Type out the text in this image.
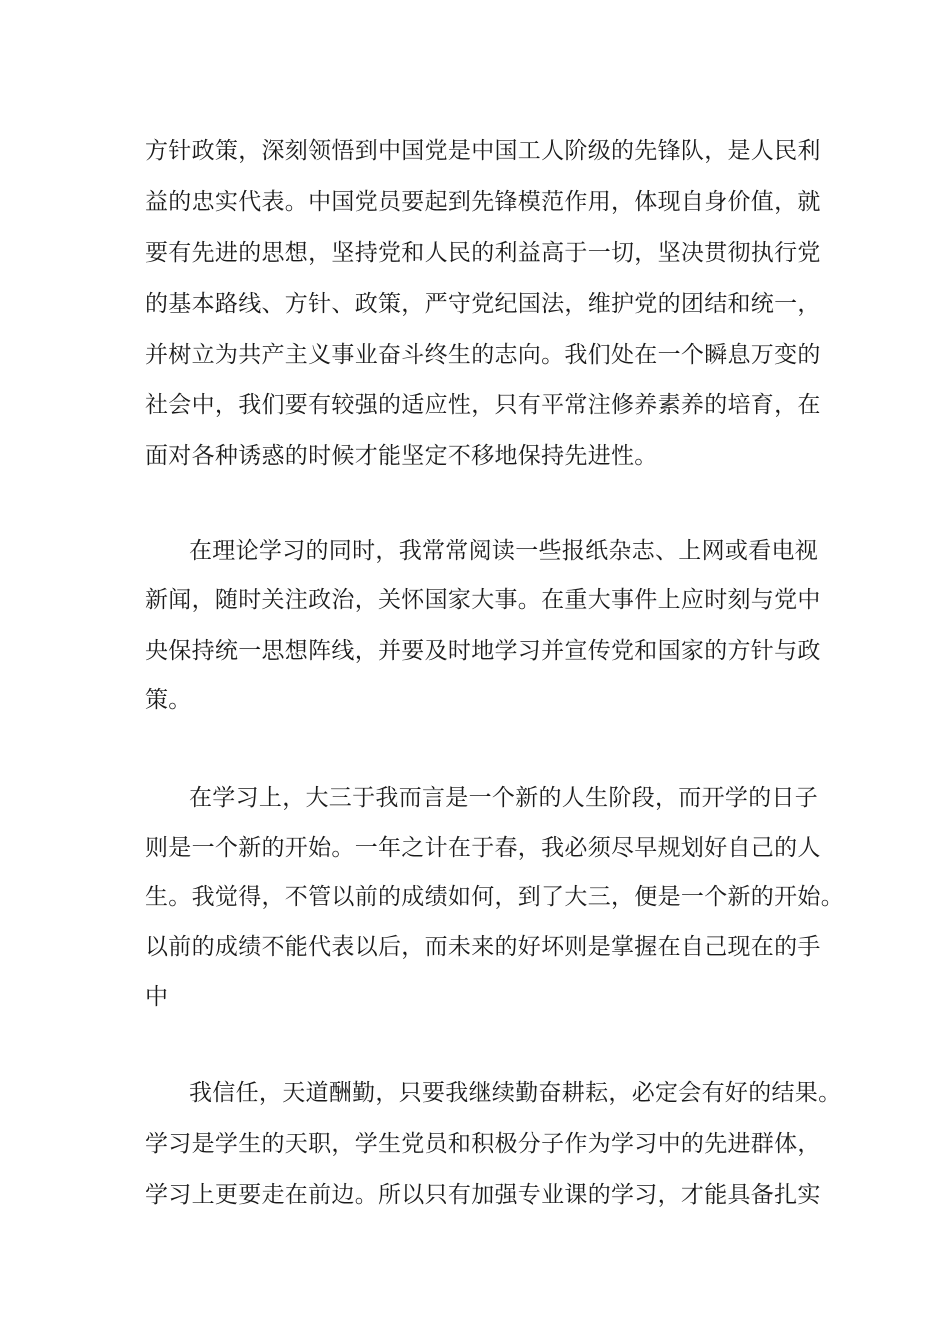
方针政策，深刻领悟到中国党是中国工人阶级的先锋队，是人民利
益的忠实代表。中国党员要起到先锋模范作用，体现自身价值，就
要有先进的思想，坚持党和人民的利益高于一切，坚决贯彻执行党
的基本路线、方针、政策，严守党纪国法，维护党的团结和统一，
并树立为共产主义事业奋斗终生的志向。我们处在一个瞬息万变的
社会中，我们要有较强的适应性，只有平常注修养素养的培育，在
面对各种诱惑的时候才能坚定不移地保持先进性。
在理论学习的同时，我常常阅读一些报纸杂志、上网或看电视
新闻，随时关注政治，关怀国家大事。在重大事件上应时刻与党中
央保持统一思想阵线，并要及时地学习并宣传党和国家的方针与政
策。
在学习上，大三于我而言是一个新的人生阶段，而开学的日子
则是一个新的开始。一年之计在于春，我必须尽早规划好自己的人
生。我觉得，不管以前的成绩如何，到了大三，便是一个新的开始。
以前的成绩不能代表以后，而未来的好坏则是掌握在自己现在的手
中
我信任，天道酬勤，只要我继续勤奋耕耘，必定会有好的结果。
学习是学生的天职，学生党员和积极分子作为学习中的先进群体，
学习上更要走在前边。所以只有加强专业课的学习，才能具备扎实
